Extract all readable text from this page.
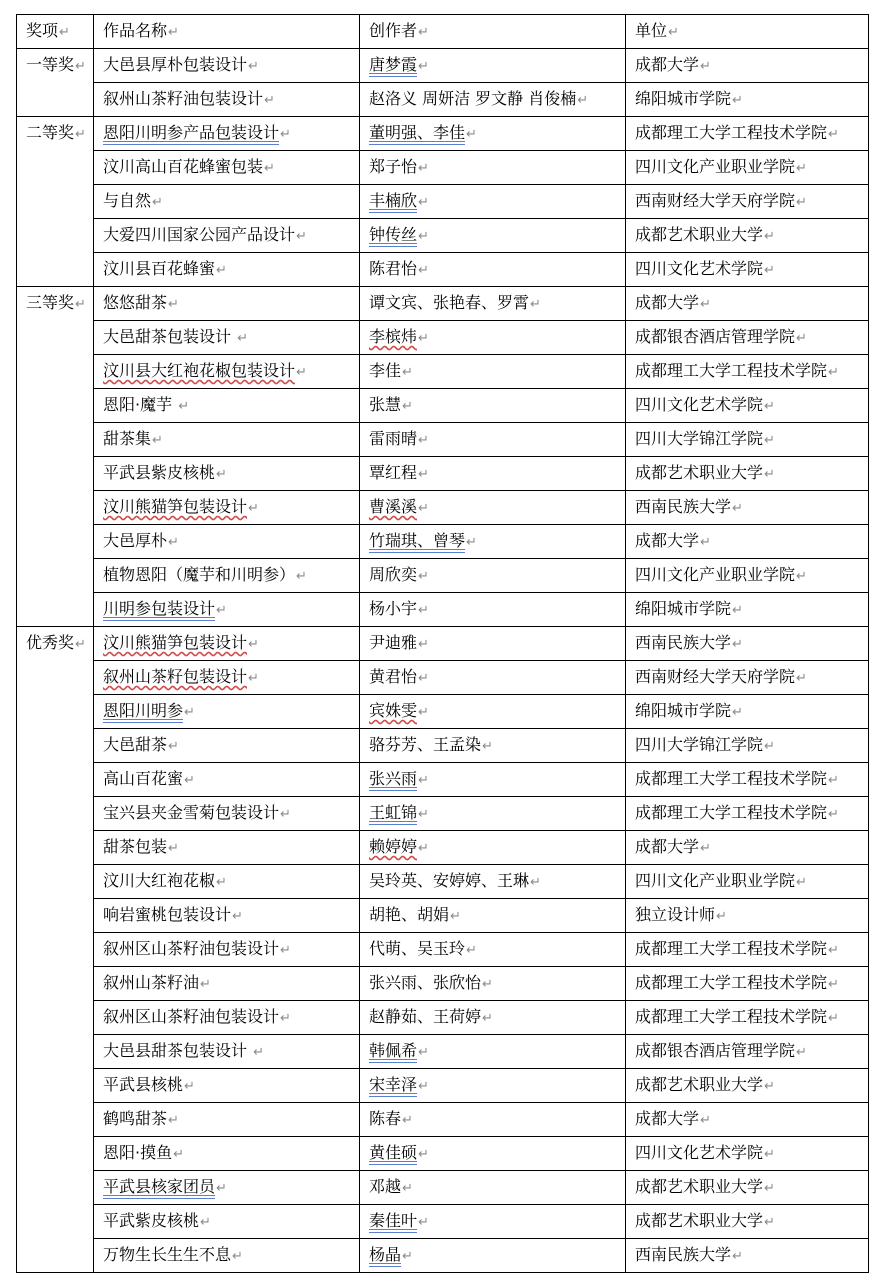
奖项↵	作品名称↵	创作者↵	单位↵
一等奖↵	大邑县厚朴包装设计↵	唐梦霞↵	成都大学↵
	叙州山茶籽油包装设计↵	赵洛义 周妍洁 罗文静 肖俊楠↵	绵阳城市学院↵
二等奖↵	恩阳川明参产品包装设计↵	董明强、李佳↵	成都理工大学工程技术学院↵
	汶川高山百花蜂蜜包装↵	郑子怡↵	四川文化产业职业学院↵
	与自然↵	丰楠欣↵	西南财经大学天府学院↵
	大爱四川国家公园产品设计↵	钟传丝↵	成都艺术职业大学↵
	汶川县百花蜂蜜↵	陈君怡↵	四川文化艺术学院↵
三等奖↵	悠悠甜茶↵	谭文宾、张艳春、罗霄↵	成都大学↵
	大邑甜茶包装设计 ↵	李槟炜↵	成都银杏酒店管理学院↵
	汶川县大红袍花椒包装设计↵	李佳↵	成都理工大学工程技术学院↵
	恩阳·魔芋 ↵	张慧↵	四川文化艺术学院↵
	甜茶集↵	雷雨晴↵	四川大学锦江学院↵
	平武县紫皮核桃↵	覃红程↵	成都艺术职业大学↵
	汶川熊猫笋包装设计↵	曹溪溪↵	西南民族大学↵
	大邑厚朴↵	竹瑞琪、曾琴↵	成都大学↵
	植物恩阳（魔芋和川明参）↵	周欣奕↵	四川文化产业职业学院↵
	川明参包装设计↵	杨小宇↵	绵阳城市学院↵
优秀奖↵	汶川熊猫笋包装设计↵	尹迪雅↵	西南民族大学↵
	叙州山茶籽包装设计↵	黄君怡↵	西南财经大学天府学院↵
	恩阳川明参↵	宾姝雯↵	绵阳城市学院↵
	大邑甜茶↵	骆芬芳、王孟染↵	四川大学锦江学院↵
	高山百花蜜↵	张兴雨↵	成都理工大学工程技术学院↵
	宝兴县夹金雪菊包装设计↵	王虹锦↵	成都理工大学工程技术学院↵
	甜茶包装↵	赖婷婷↵	成都大学↵
	汶川大红袍花椒↵	吴玲英、安婷婷、王琳↵	四川文化产业职业学院↵
	响岩蜜桃包装设计↵	胡艳、胡娟↵	独立设计师↵
	叙州区山茶籽油包装设计↵	代萌、吴玉玲↵	成都理工大学工程技术学院↵
	叙州山茶籽油↵	张兴雨、张欣怡↵	成都理工大学工程技术学院↵
	叙州区山茶籽油包装设计↵	赵静茹、王荷婷↵	成都理工大学工程技术学院↵
	大邑县甜茶包装设计 ↵	韩佩希↵	成都银杏酒店管理学院↵
	平武县核桃↵	宋幸泽↵	成都艺术职业大学↵
	鹤鸣甜茶↵	陈春↵	成都大学↵
	恩阳·摸鱼↵	黄佳硕↵	四川文化艺术学院↵
	平武县核家团员↵	邓越↵	成都艺术职业大学↵
	平武紫皮核桃↵	秦佳叶↵	成都艺术职业大学↵
	万物生长生生不息↵	杨晶↵	西南民族大学↵
